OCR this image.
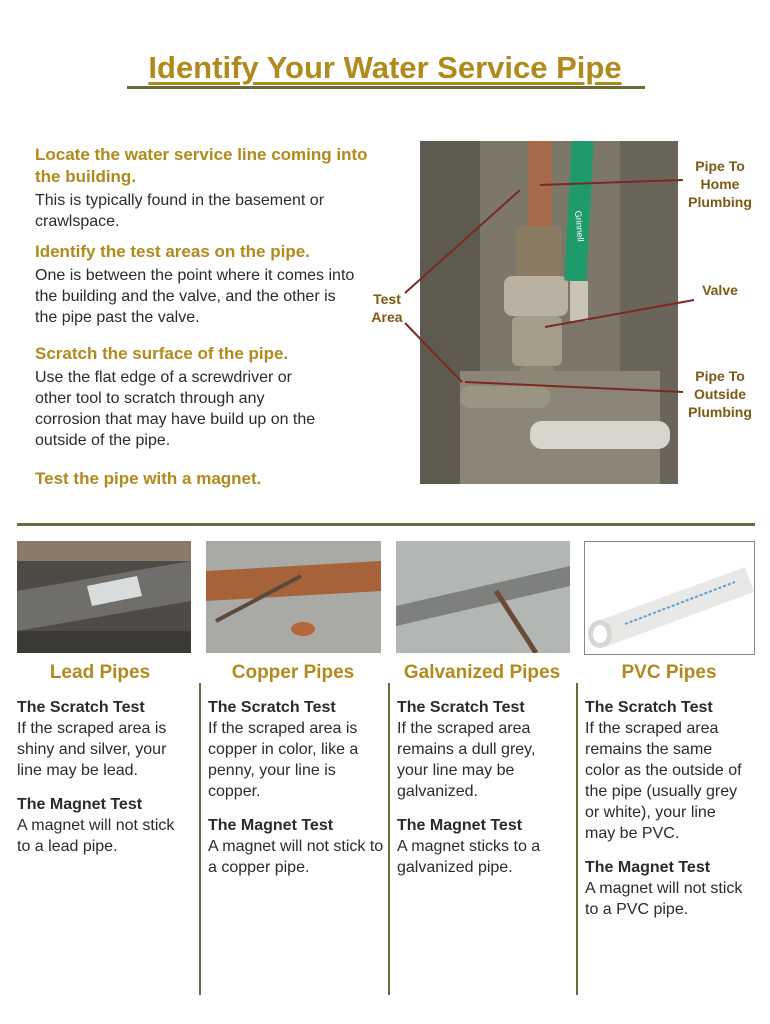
Identify Your Water Service Pipe
Locate the water service line coming into the building.

This is typically found in the basement or crawlspace.

Identify the test areas on the pipe.

One is between the point where it comes into the building and the valve, and the other is the pipe past the valve.

Scratch the surface of the pipe.

Use the flat edge of a screwdriver or other tool to scratch through any corrosion that may have build up on the outside of the pipe.

Test the pipe with a magnet.
Grinnell
Test Area
Pipe To Home Plumbing
Valve
Pipe To Outside Plumbing
Lead Pipes
The Scratch Test

If the scraped area is shiny and silver, your line may be lead.

The Magnet Test

A magnet will not stick to a lead pipe.

Copper Pipes
The Scratch Test

If the scraped area is copper in color, like a penny, your line is copper.

The Magnet Test

A magnet will not stick to a copper pipe.

Galvanized Pipes
The Scratch Test

If the scraped area remains a dull grey, your line may be galvanized.

The Magnet Test

A magnet sticks to a galvanized pipe.

PVC Pipes
The Scratch Test

If the scraped area remains the same color as the outside of the pipe (usually grey or white), your line may be PVC.

The Magnet Test

A magnet will not stick to a PVC pipe.
